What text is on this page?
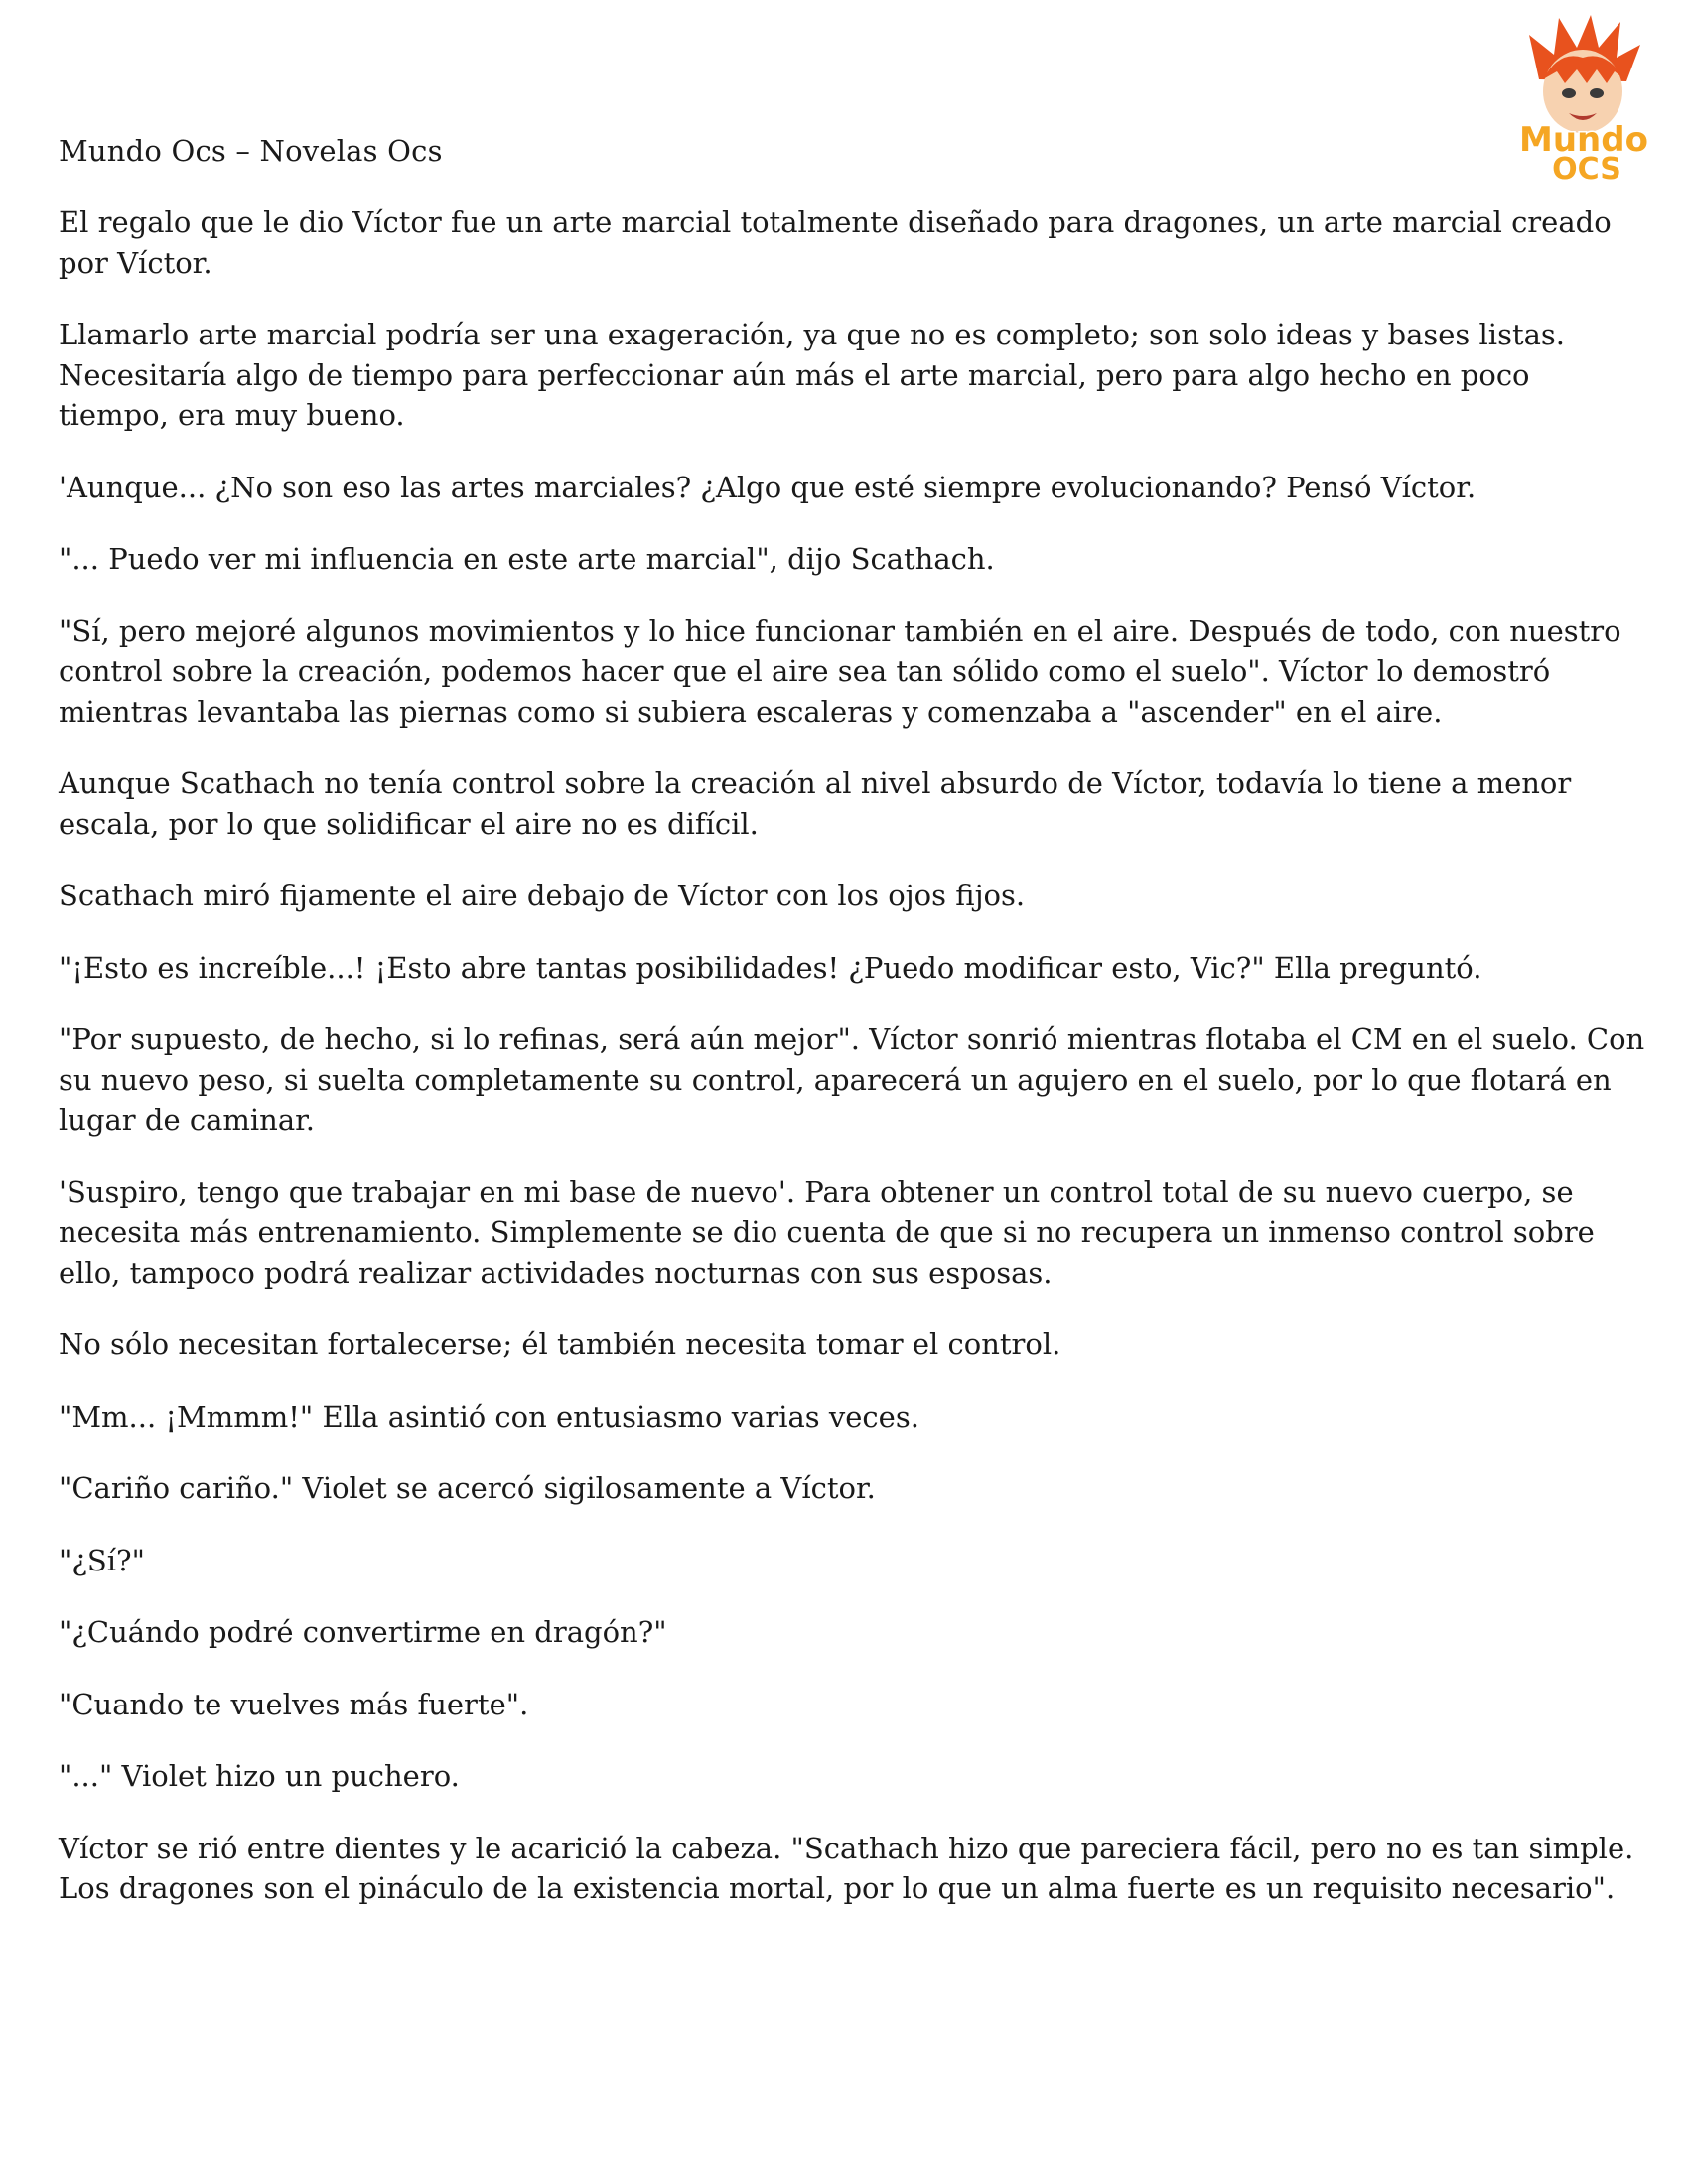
Mundo Ocs – Novelas Ocs	Mundo
OCS

El regalo que le dio Víctor fue un arte marcial totalmente diseñado para dragones, un arte marcial creado por Víctor.

Llamarlo arte marcial podría ser una exageración, ya que no es completo; son solo ideas y bases listas. Necesitaría algo de tiempo para perfeccionar aún más el arte marcial, pero para algo hecho en poco tiempo, era muy bueno.

'Aunque... ¿No son eso las artes marciales? ¿Algo que esté siempre evolucionando? Pensó Víctor.

"... Puedo ver mi influencia en este arte marcial", dijo Scathach.

"Sí, pero mejoré algunos movimientos y lo hice funcionar también en el aire. Después de todo, con nuestro control sobre la creación, podemos hacer que el aire sea tan sólido como el suelo". Víctor lo demostró mientras levantaba las piernas como si subiera escaleras y comenzaba a "ascender" en el aire.

Aunque Scathach no tenía control sobre la creación al nivel absurdo de Víctor, todavía lo tiene a menor escala, por lo que solidificar el aire no es difícil.

Scathach miró fijamente el aire debajo de Víctor con los ojos fijos.

"¡Esto es increíble...! ¡Esto abre tantas posibilidades! ¿Puedo modificar esto, Vic?" Ella preguntó.

"Por supuesto, de hecho, si lo refinas, será aún mejor". Víctor sonrió mientras flotaba el CM en el suelo. Con su nuevo peso, si suelta completamente su control, aparecerá un agujero en el suelo, por lo que flotará en lugar de caminar.

'Suspiro, tengo que trabajar en mi base de nuevo'. Para obtener un control total de su nuevo cuerpo, se necesita más entrenamiento. Simplemente se dio cuenta de que si no recupera un inmenso control sobre ello, tampoco podrá realizar actividades nocturnas con sus esposas.

No sólo necesitan fortalecerse; él también necesita tomar el control.

"Mm... ¡Mmmm!" Ella asintió con entusiasmo varias veces.

"Cariño cariño." Violet se acercó sigilosamente a Víctor.

"¿Sí?"

"¿Cuándo podré convertirme en dragón?"

"Cuando te vuelves más fuerte".

"..." Violet hizo un puchero.

Víctor se rió entre dientes y le acarició la cabeza. "Scathach hizo que pareciera fácil, pero no es tan simple. Los dragones son el pináculo de la existencia mortal, por lo que un alma fuerte es un requisito necesario".
